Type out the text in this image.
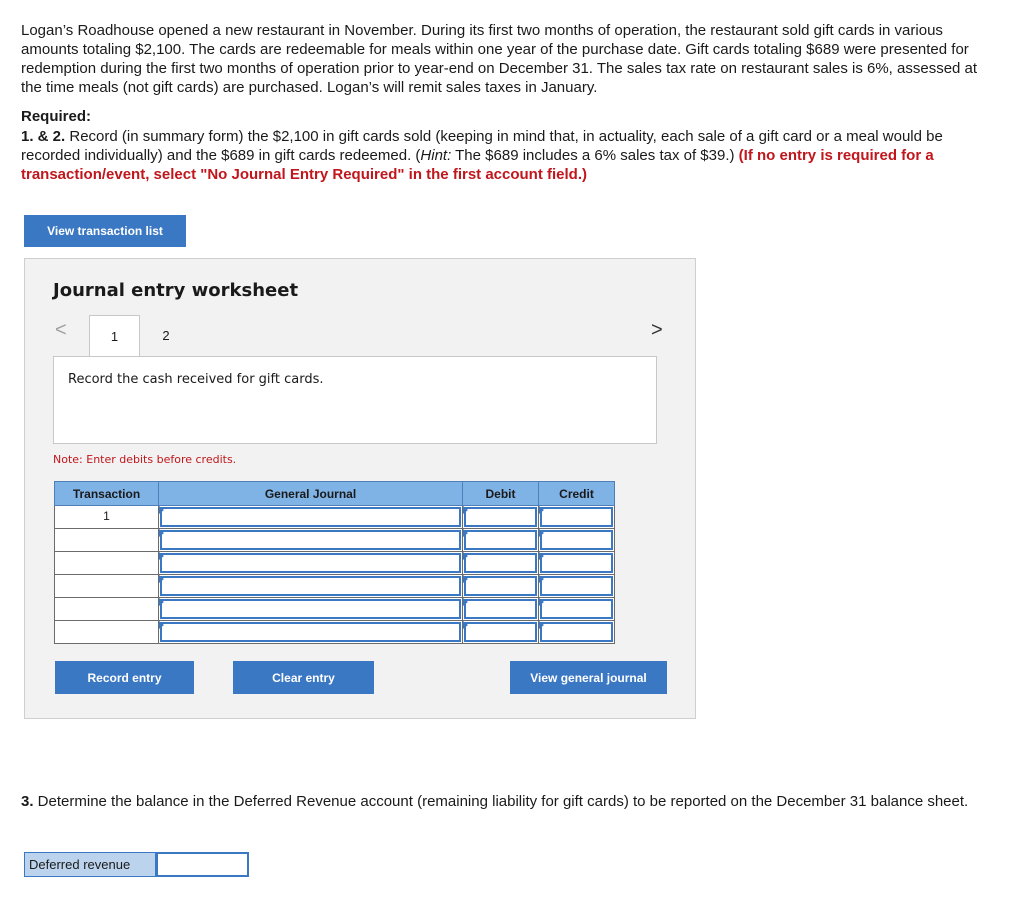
Logan’s Roadhouse opened a new restaurant in November. During its first two months of operation, the restaurant sold gift cards in various amounts totaling $2,100. The cards are redeemable for meals within one year of the purchase date. Gift cards totaling $689 were presented for redemption during the first two months of operation prior to year-end on December 31. The sales tax rate on restaurant sales is 6%, assessed at the time meals (not gift cards) are purchased. Logan’s will remit sales taxes in January.

Required:

1. & 2. Record (in summary form) the $2,100 in gift cards sold (keeping in mind that, in actuality, each sale of a gift card or a meal would be recorded individually) and the $689 in gift cards redeemed. (Hint: The $689 includes a 6% sales tax of $39.) (If no entry is required for a transaction/event, select "No Journal Entry Required" in the first account field.)

View transaction list
Journal entry worksheet
<	1	2	>
Record the cash received for gift cards.
Note: Enter debits before credits.
Transaction	General Journal	Debit	Credit
1	

Record entry	Clear entry	View general journal

3. Determine the balance in the Deferred Revenue account (remaining liability for gift cards) to be reported on the December 31 balance sheet.

Deferred revenue
